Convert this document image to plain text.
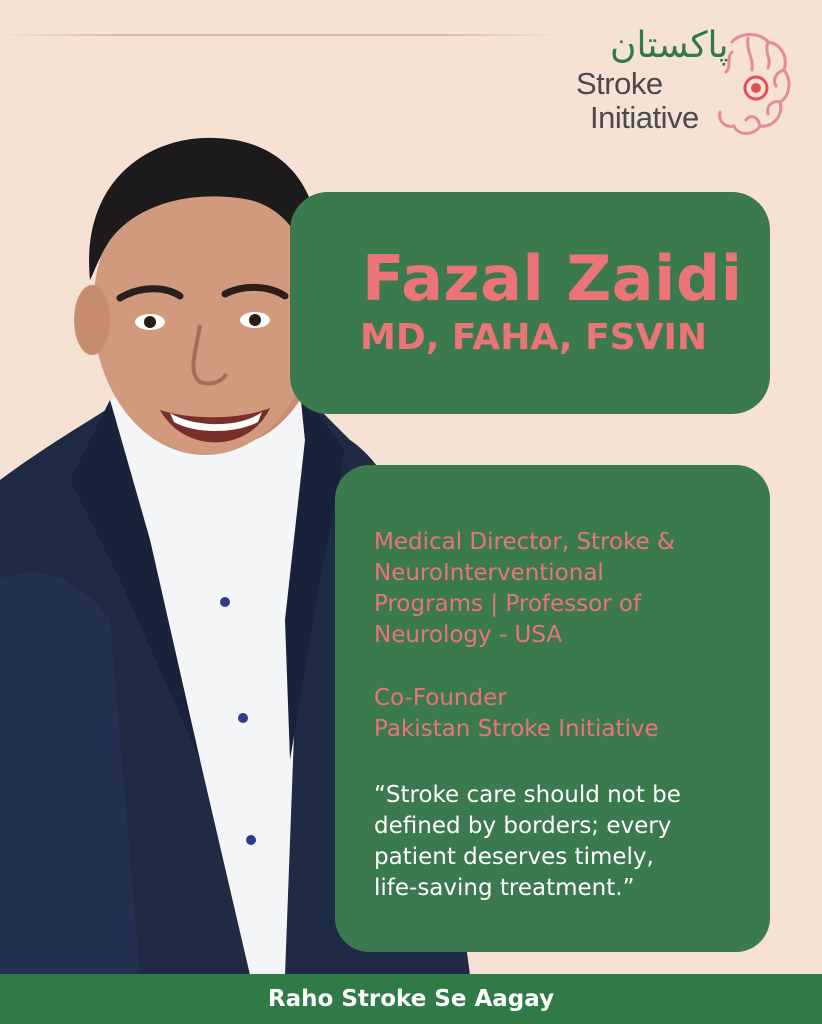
پاکستان
Stroke
Initiative
Fazal Zaidi
MD, FAHA, FSVIN
Medical Director, Stroke &
NeuroInterventional
Programs | Professor of
Neurology - USA
Co-Founder
Pakistan Stroke Initiative
“Stroke care should not be
defined by borders; every
patient deserves timely,
life-saving treatment.”
Raho Stroke Se Aagay
